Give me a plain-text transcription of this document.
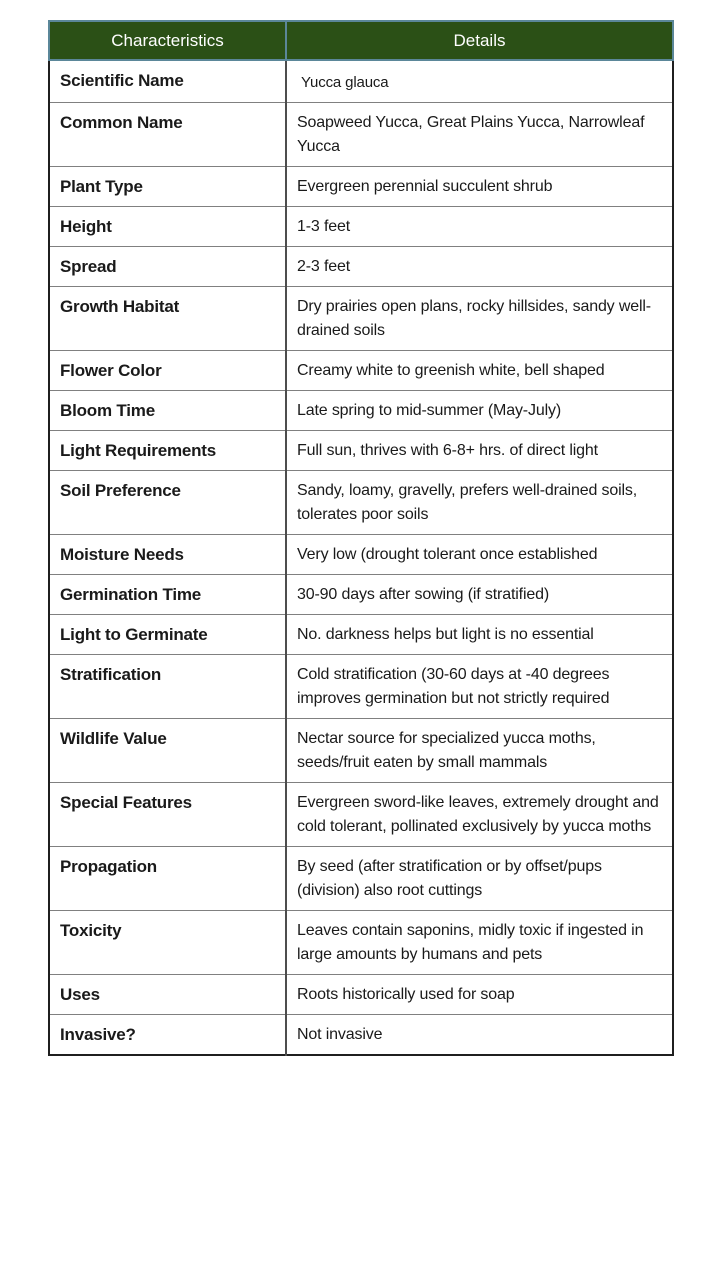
Characteristics	Details
Scientific Name	Yucca glauca
Common Name	Soapweed Yucca, Great Plains Yucca, Narrowleaf Yucca
Plant Type	Evergreen perennial succulent shrub
Height	1-3 feet
Spread	2-3 feet
Growth Habitat	Dry prairies open plans, rocky hillsides, sandy well-drained soils
Flower Color	Creamy white to greenish white, bell shaped
Bloom Time	Late spring to mid-summer (May-July)
Light Requirements	Full sun, thrives with 6-8+ hrs. of direct light
Soil Preference	Sandy, loamy, gravelly, prefers well-drained soils, tolerates poor soils
Moisture Needs	Very low (drought tolerant once established
Germination Time	30-90 days after sowing (if stratified)
Light to Germinate	No. darkness helps but light is no essential
Stratification	Cold stratification (30-60 days at -40 degrees improves germination but not strictly required
Wildlife Value	Nectar source for specialized yucca moths, seeds/fruit eaten by small mammals
Special Features	Evergreen sword-like leaves, extremely drought and cold tolerant, pollinated exclusively by yucca moths
Propagation	By seed (after stratification or by offset/pups (division) also root cuttings
Toxicity	Leaves contain saponins, midly toxic if ingested in large amounts by humans and pets
Uses	Roots historically used for soap
Invasive?	Not invasive
